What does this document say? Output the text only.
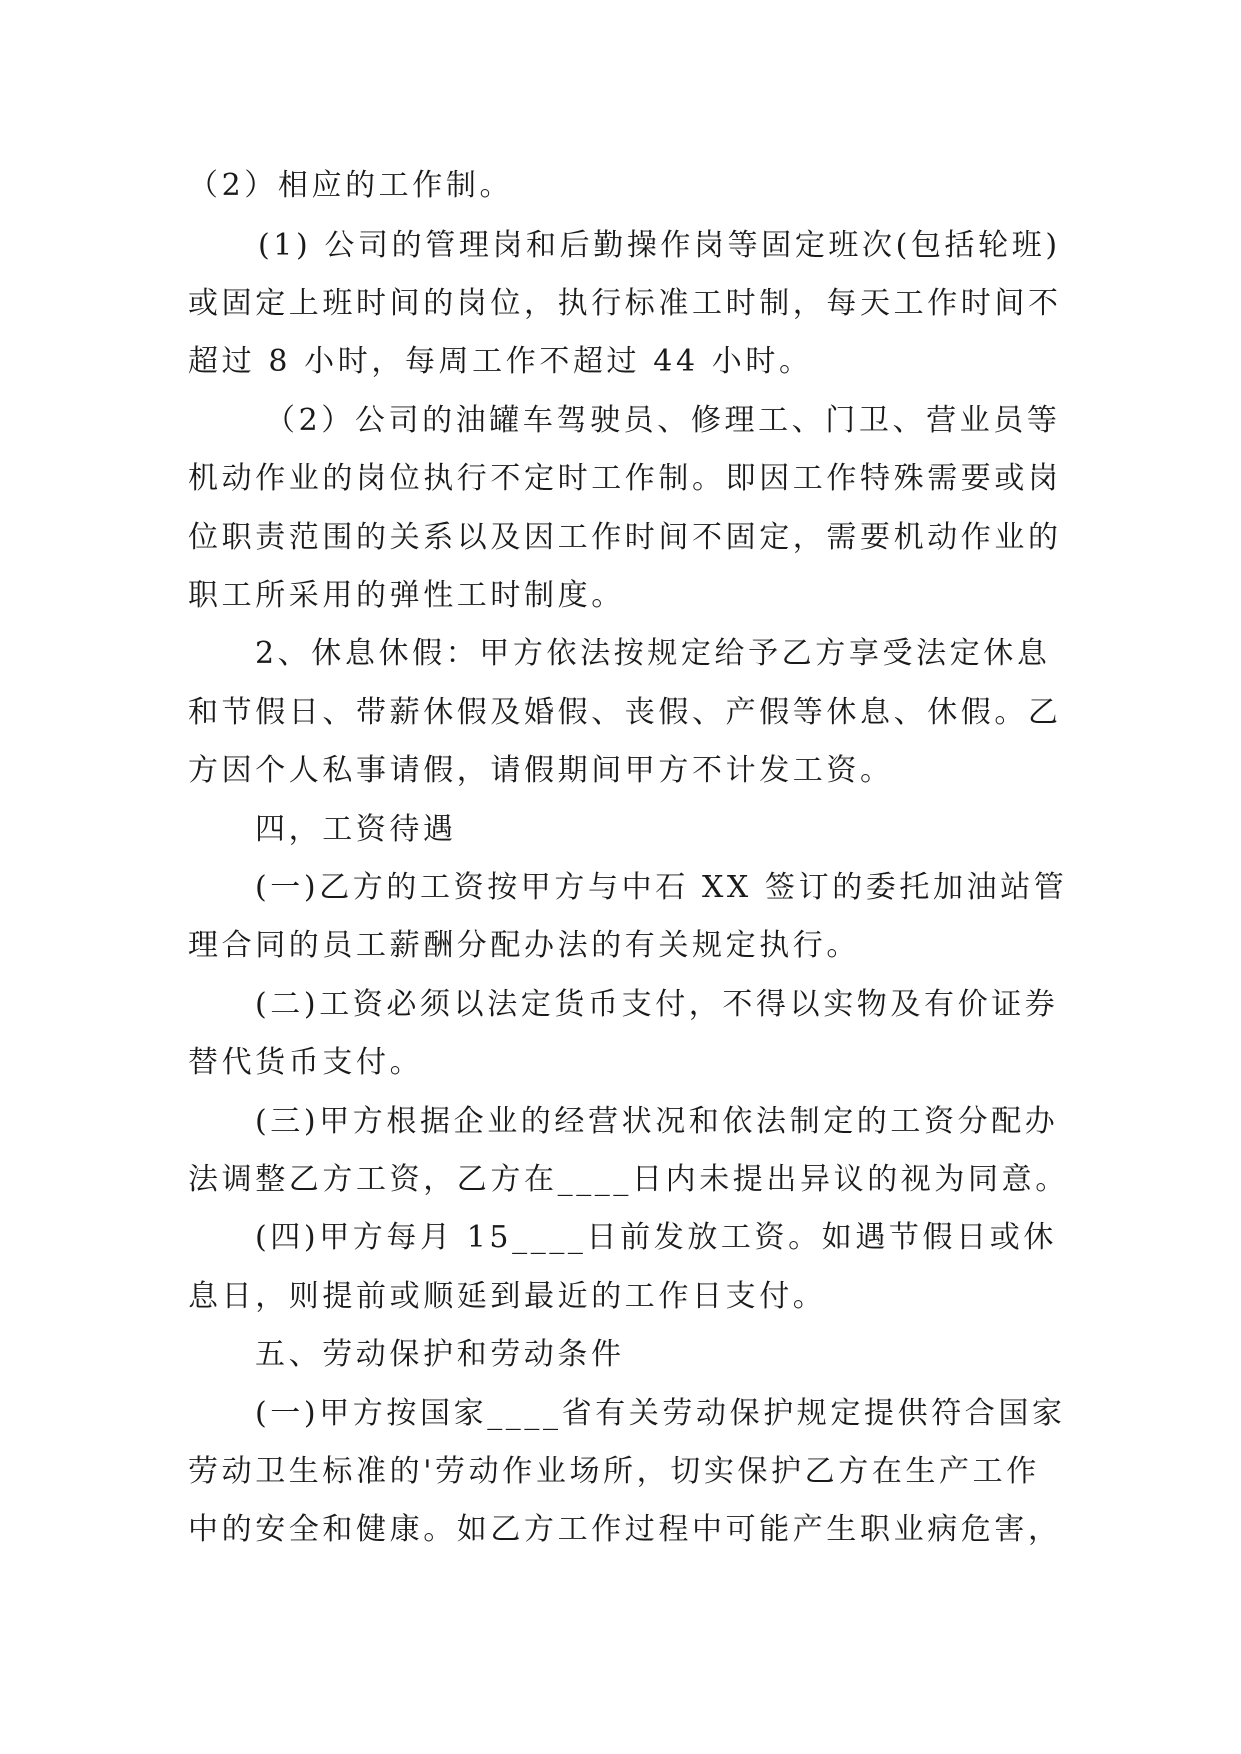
（2）相应的工作制。
(1) 公司的管理岗和后勤操作岗等固定班次(包括轮班)
或固定上班时间的岗位，执行标准工时制，每天工作时间不
超过 8 小时，每周工作不超过 44 小时。
（2）公司的油罐车驾驶员、修理工、门卫、营业员等
机动作业的岗位执行不定时工作制。即因工作特殊需要或岗
位职责范围的关系以及因工作时间不固定，需要机动作业的
职工所采用的弹性工时制度。
2、休息休假：甲方依法按规定给予乙方享受法定休息
和节假日、带薪休假及婚假、丧假、产假等休息、休假。乙
方因个人私事请假，请假期间甲方不计发工资。
四，工资待遇
(一)乙方的工资按甲方与中石 XX 签订的委托加油站管
理合同的员工薪酬分配办法的有关规定执行。
(二)工资必须以法定货币支付，不得以实物及有价证券
替代货币支付。
(三)甲方根据企业的经营状况和依法制定的工资分配办
法调整乙方工资，乙方在____日内未提出异议的视为同意。
(四)甲方每月 15____日前发放工资。如遇节假日或休
息日，则提前或顺延到最近的工作日支付。
五、劳动保护和劳动条件
(一)甲方按国家____省有关劳动保护规定提供符合国家
劳动卫生标准的'劳动作业场所，切实保护乙方在生产工作
中的安全和健康。如乙方工作过程中可能产生职业病危害，
